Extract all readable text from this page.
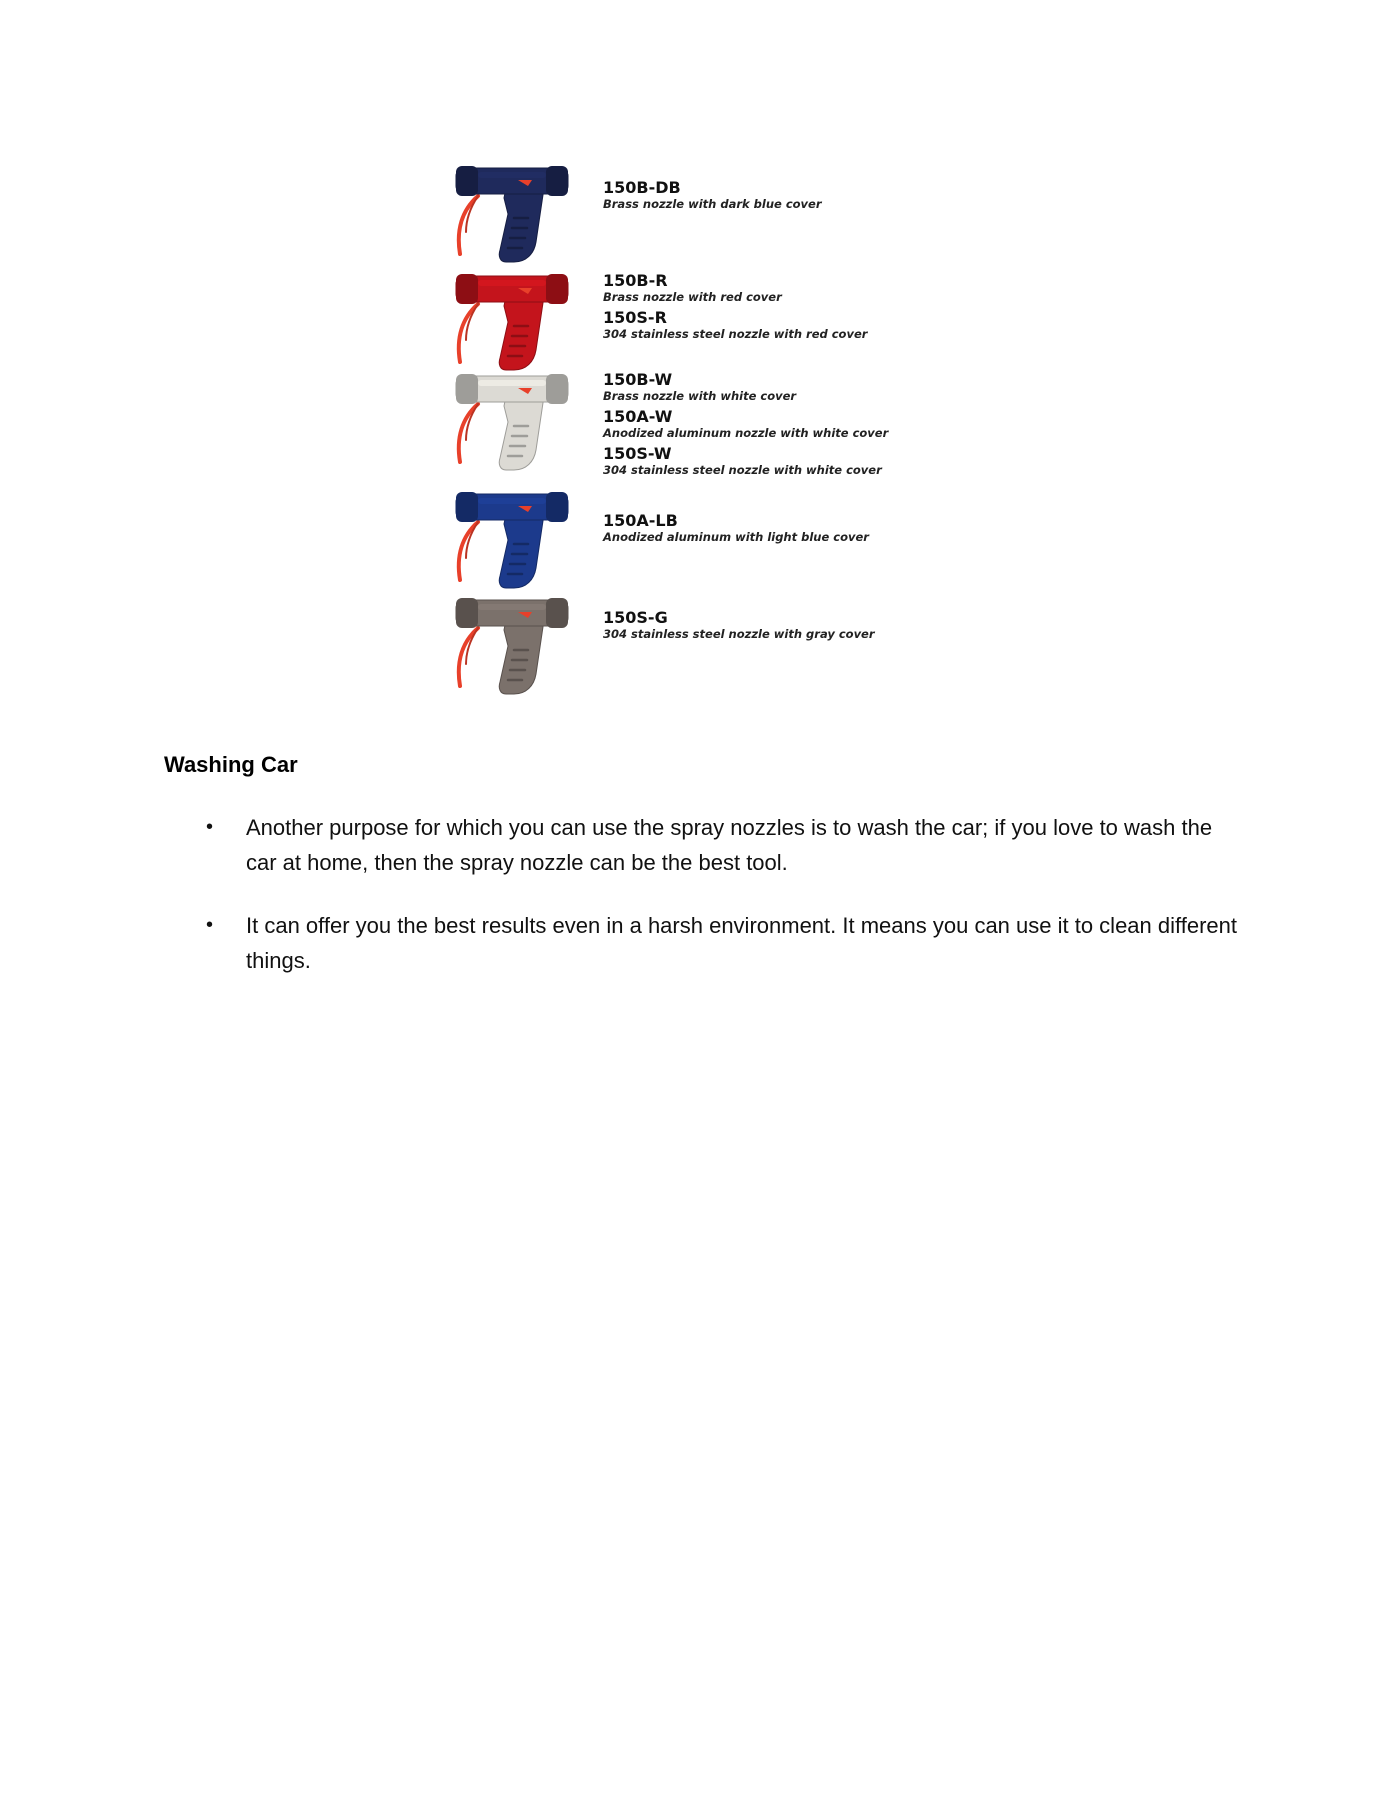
150B-DB
Brass nozzle with dark blue cover
150B-R
Brass nozzle with red cover
150S-R
304 stainless steel nozzle with red cover
150B-W
Brass nozzle with white cover
150A-W
Anodized aluminum nozzle with white cover
150S-W
304 stainless steel nozzle with white cover
150A-LB
Anodized aluminum with light blue cover
150S-G
304 stainless steel nozzle with gray cover
Washing Car
• Another purpose for which you can use the spray nozzles is to wash the car; if you love to wash the car at home, then the spray nozzle can be the best tool.
• It can offer you the best results even in a harsh environment. It means you can use it to clean different things.
